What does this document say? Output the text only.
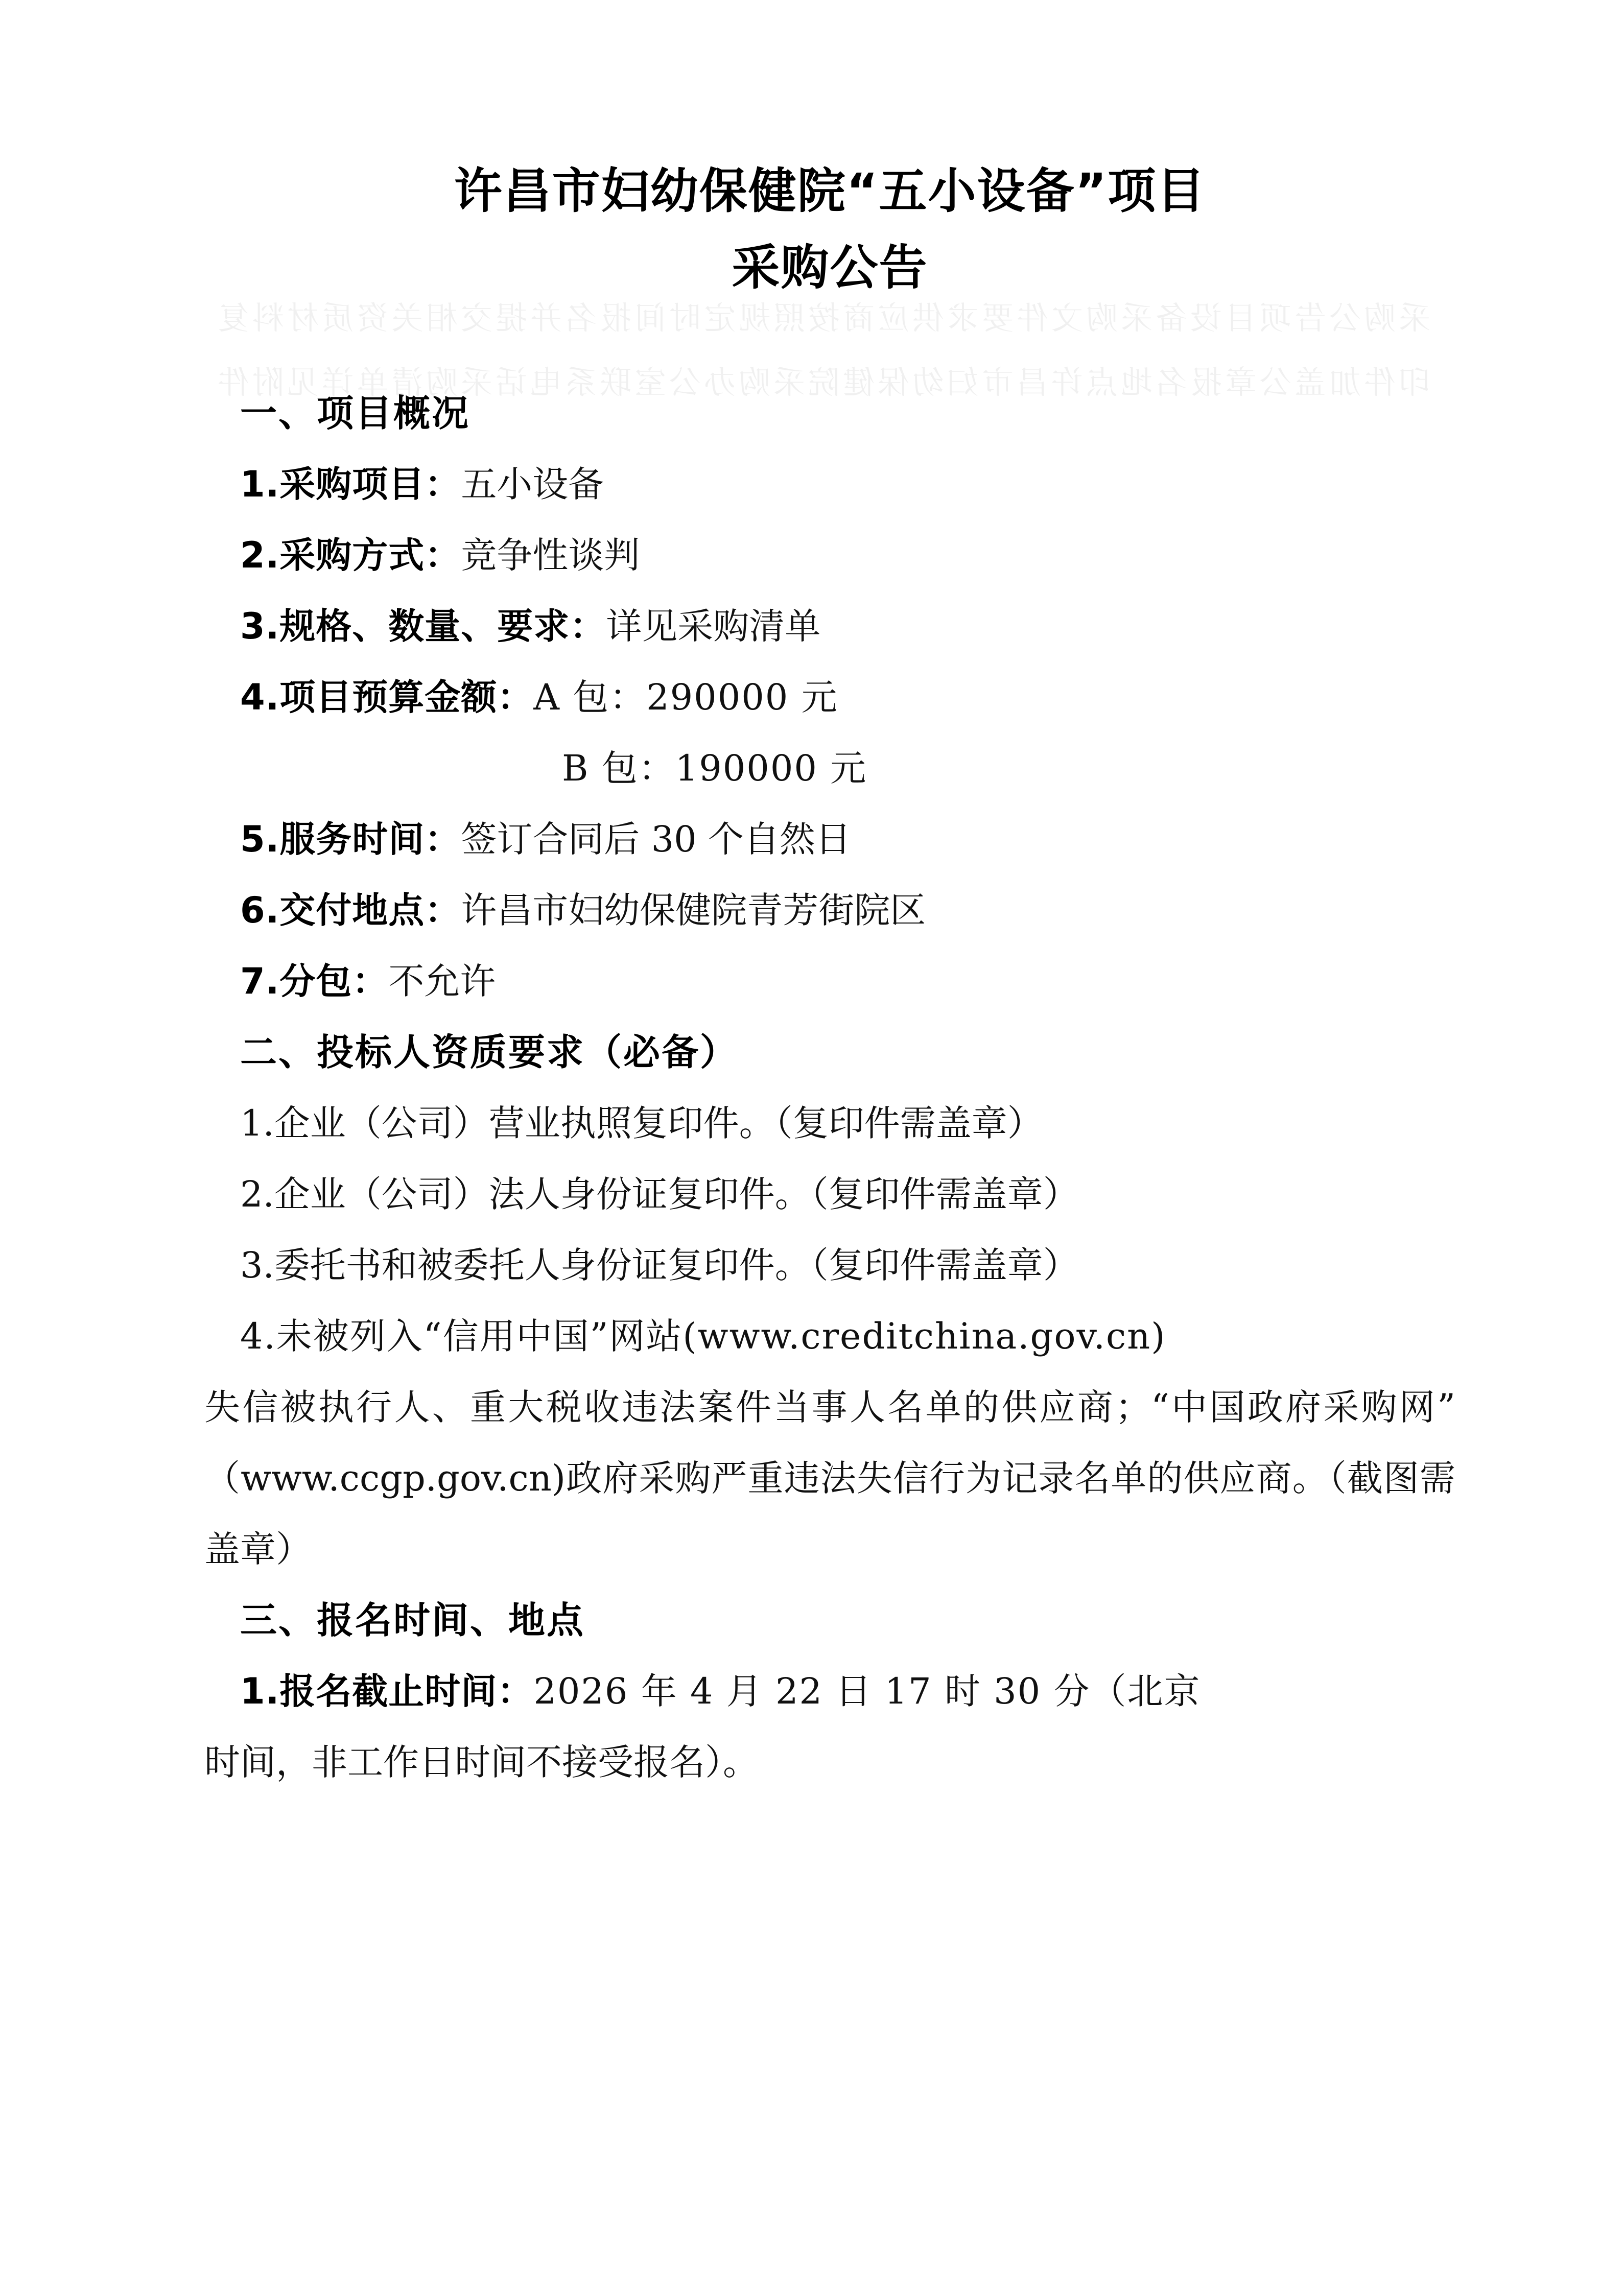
采购公告项目设备采购文件要求供应商按照规定时间报名并提交相关资质材料复印件加盖公章报名地点许昌市妇幼保健院采购办公室联系电话采购清单详见附件
许昌市妇幼保健院“五小设备”项目
采购公告
一、项目概况
1.采购项目：五小设备
2.采购方式：竞争性谈判
3.规格、数量、要求：详见采购清单
4.项目预算金额：A 包：290000 元
B 包：190000 元
5.服务时间：签订合同后 30 个自然日
6.交付地点：许昌市妇幼保健院青芳街院区
7.分包：不允许
二、投标人资质要求（必备）
1.企业（公司）营业执照复印件。（复印件需盖章）
2.企业（公司）法人身份证复印件。（复印件需盖章）
3.委托书和被委托人身份证复印件。（复印件需盖章）
4.未被列入“信用中国”网站(www.creditchina.gov.cn)
失信被执行人、重大税收违法案件当事人名单的供应商；“中国政府采购网”（www.ccgp.gov.cn)政府采购严重违法失信行为记录名单的供应商。（截图需盖章）
三、报名时间、地点
1.报名截止时间：2026 年 4 月 22 日 17 时 30 分（北京
时间，非工作日时间不接受报名）。
